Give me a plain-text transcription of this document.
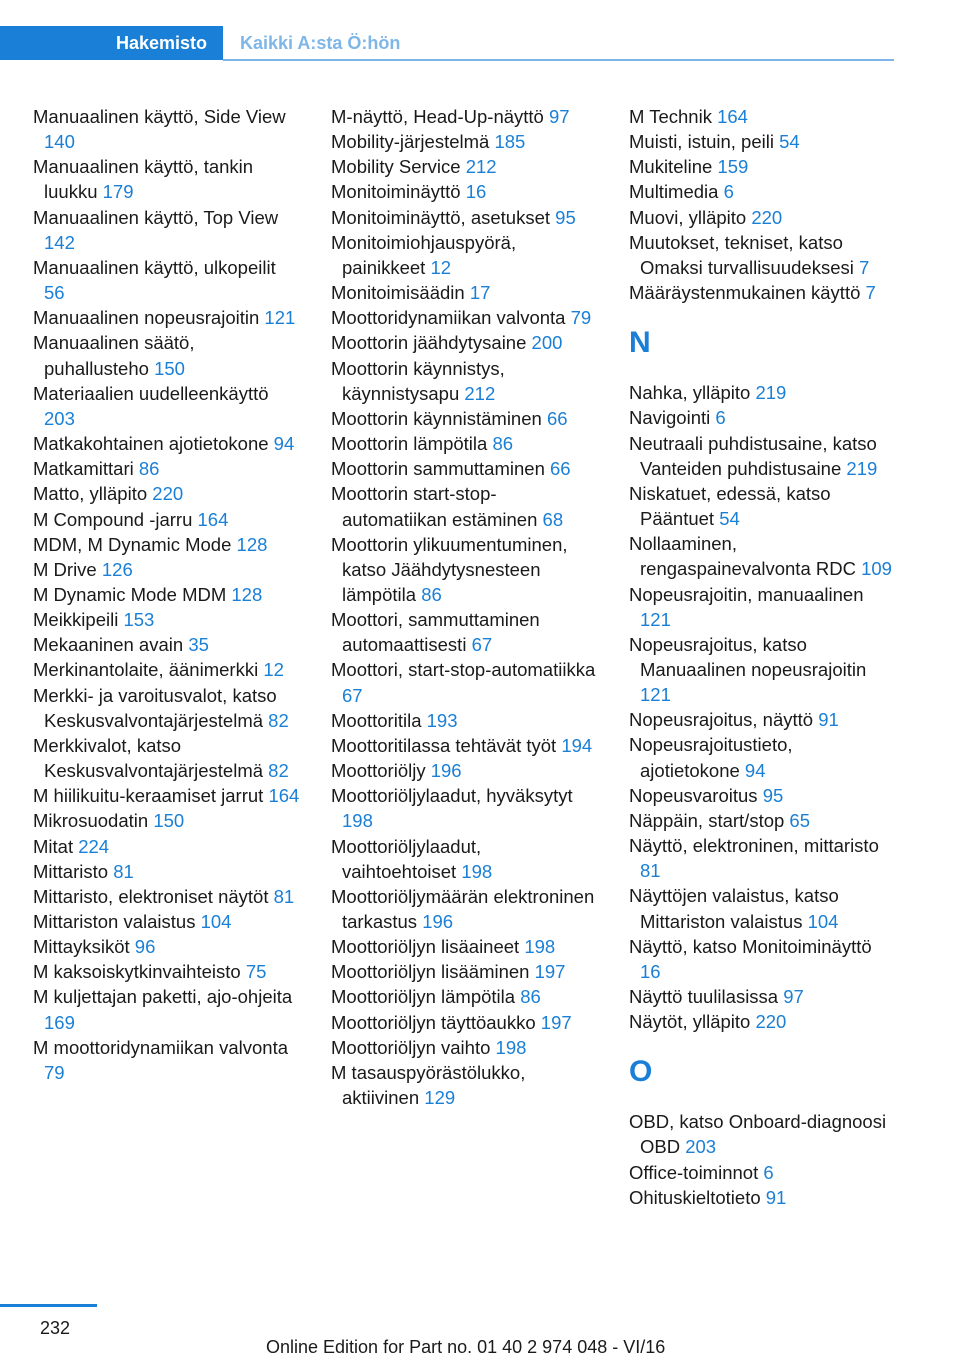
Hakemisto Kaikki A:sta Ö:hön
Manuaalinen käyttö, Side View 140
Manuaalinen käyttö, tankin luukku 179
Manuaalinen käyttö, Top View 142
Manuaalinen käyttö, ulkopeilit 56
Manuaalinen nopeusrajoitin 121
Manuaalinen säätö, puhallusteho 150
Materiaalien uudelleenkäyttö 203
Matkakohtainen ajotietokone 94
Matkamittari 86
Matto, ylläpito 220
M Compound -jarru 164
MDM, M Dynamic Mode 128
M Drive 126
M Dynamic Mode MDM 128
Meikkipeili 153
Mekaaninen avain 35
Merkinantolaite, äänimerkki 12
Merkki- ja varoitusvalot, katso Keskusvalvontajärjestelmä 82
Merkkivalot, katso Keskusvalvontajärjestelmä 82
M hiilikuitu-keraamiset jarrut 164
Mikrosuodatin 150
Mitat 224
Mittaristo 81
Mittaristo, elektroniset näytöt 81
Mittariston valaistus 104
Mittayksiköt 96
M kaksoiskytkinvaihteisto 75
M kuljettajan paketti, ajo-ohjeita 169
M moottoridynamiikan valvonta 79
M-näyttö, Head-Up-näyttö 97
Mobility-järjestelmä 185
Mobility Service 212
Monitoiminäyttö 16
Monitoiminäyttö, asetukset 95
Monitoimiohjauspyörä, painikkeet 12
Monitoimisäädin 17
Moottoridynamiikan valvonta 79
Moottorin jäähdytysaine 200
Moottorin käynnistys, käynnistysapu 212
Moottorin käynnistäminen 66
Moottorin lämpötila 86
Moottorin sammuttaminen 66
Moottorin start-stop-automatiikan estäminen 68
Moottorin ylikuumentuminen, katso Jäähdytysnesteen lämpötila 86
Moottori, sammuttaminen automaattisesti 67
Moottori, start-stop-automatiikka 67
Moottoritila 193
Moottoritilassa tehtävät työt 194
Moottoriöljy 196
Moottoriöljylaadut, hyväksytyt 198
Moottoriöljylaadut, vaihtoehtoiset 198
Moottoriöljymäärän elektroninen tarkastus 196
Moottoriöljyn lisäaineet 198
Moottoriöljyn lisääminen 197
Moottoriöljyn lämpötila 86
Moottoriöljyn täyttöaukko 197
Moottoriöljyn vaihto 198
M tasauspyörästölukko, aktiivinen 129
M Technik 164
Muisti, istuin, peili 54
Mukiteline 159
Multimedia 6
Muovi, ylläpito 220
Muutokset, tekniset, katso Omaksi turvallisuudeksesi 7
Määräystenmukainen käyttö 7
N
Nahka, ylläpito 219
Navigointi 6
Neutraali puhdistusaine, katso Vanteiden puhdistusaine 219
Niskatuet, edessä, katso Pääntuet 54
Nollaaminen, rengaspainevalvonta RDC 109
Nopeusrajoitin, manuaalinen 121
Nopeusrajoitus, katso Manuaalinen nopeusrajoitin 121
Nopeusrajoitus, näyttö 91
Nopeusrajoitustieto, ajotietokone 94
Nopeusvaroitus 95
Näppäin, start/stop 65
Näyttö, elektroninen, mittaristo 81
Näyttöjen valaistus, katso Mittariston valaistus 104
Näyttö, katso Monitoiminäyttö 16
Näyttö tuulilasissa 97
Näytöt, ylläpito 220
O
OBD, katso Onboard-diagnoosi OBD 203
Office-toiminnot 6
Ohituskieltotieto 91
232
Online Edition for Part no. 01 40 2 974 048 - VI/16
